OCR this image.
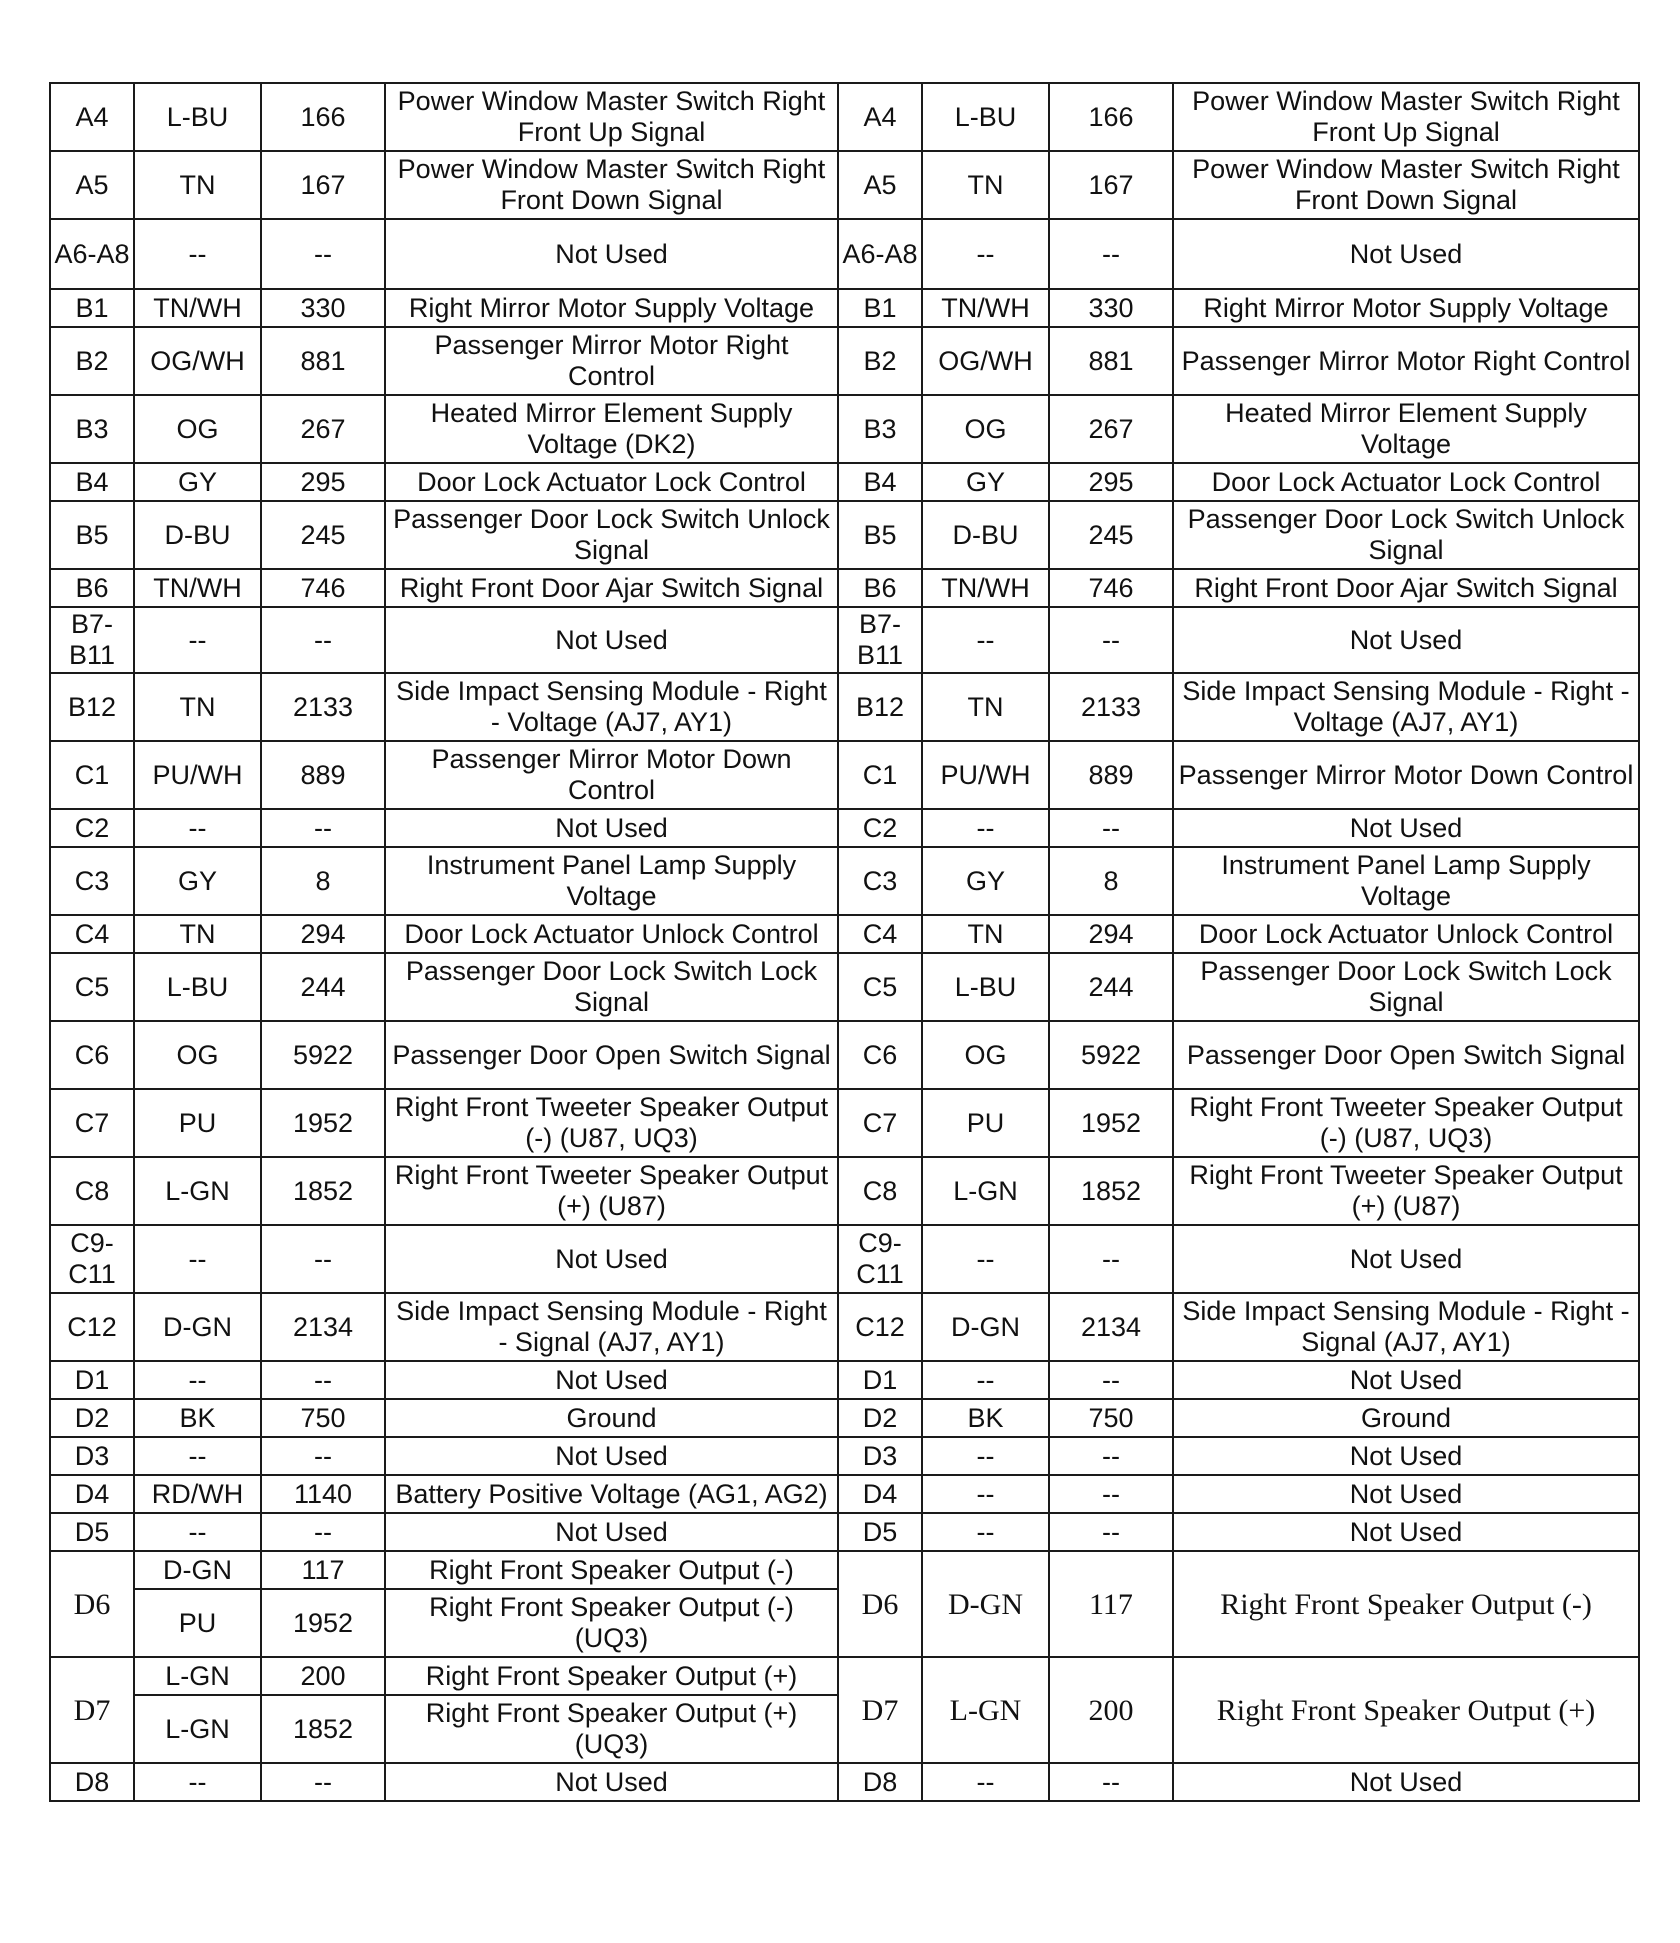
A4	L-BU	166	Power Window Master Switch Right Front Up Signal	A4	L-BU	166	Power Window Master Switch Right Front Up Signal
A5	TN	167	Power Window Master Switch Right Front Down Signal	A5	TN	167	Power Window Master Switch Right Front Down Signal
A6-A8	--	--	Not Used	A6-A8	--	--	Not Used
B1	TN/WH	330	Right Mirror Motor Supply Voltage	B1	TN/WH	330	Right Mirror Motor Supply Voltage
B2	OG/WH	881	Passenger Mirror Motor Right Control	B2	OG/WH	881	Passenger Mirror Motor Right Control
B3	OG	267	Heated Mirror Element Supply Voltage (DK2)	B3	OG	267	Heated Mirror Element Supply Voltage
B4	GY	295	Door Lock Actuator Lock Control	B4	GY	295	Door Lock Actuator Lock Control
B5	D-BU	245	Passenger Door Lock Switch Unlock Signal	B5	D-BU	245	Passenger Door Lock Switch Unlock Signal
B6	TN/WH	746	Right Front Door Ajar Switch Signal	B6	TN/WH	746	Right Front Door Ajar Switch Signal
B7-B11	--	--	Not Used	B7-B11	--	--	Not Used
B12	TN	2133	Side Impact Sensing Module - Right - Voltage (AJ7, AY1)	B12	TN	2133	Side Impact Sensing Module - Right - Voltage (AJ7, AY1)
C1	PU/WH	889	Passenger Mirror Motor Down Control	C1	PU/WH	889	Passenger Mirror Motor Down Control
C2	--	--	Not Used	C2	--	--	Not Used
C3	GY	8	Instrument Panel Lamp Supply Voltage	C3	GY	8	Instrument Panel Lamp Supply Voltage
C4	TN	294	Door Lock Actuator Unlock Control	C4	TN	294	Door Lock Actuator Unlock Control
C5	L-BU	244	Passenger Door Lock Switch Lock Signal	C5	L-BU	244	Passenger Door Lock Switch Lock Signal
C6	OG	5922	Passenger Door Open Switch Signal	C6	OG	5922	Passenger Door Open Switch Signal
C7	PU	1952	Right Front Tweeter Speaker Output (-) (U87, UQ3)	C7	PU	1952	Right Front Tweeter Speaker Output (-) (U87, UQ3)
C8	L-GN	1852	Right Front Tweeter Speaker Output (+) (U87)	C8	L-GN	1852	Right Front Tweeter Speaker Output (+) (U87)
C9-C11	--	--	Not Used	C9-C11	--	--	Not Used
C12	D-GN	2134	Side Impact Sensing Module - Right - Signal (AJ7, AY1)	C12	D-GN	2134	Side Impact Sensing Module - Right - Signal (AJ7, AY1)
D1	--	--	Not Used	D1	--	--	Not Used
D2	BK	750	Ground	D2	BK	750	Ground
D3	--	--	Not Used	D3	--	--	Not Used
D4	RD/WH	1140	Battery Positive Voltage (AG1, AG2)	D4	--	--	Not Used
D5	--	--	Not Used	D5	--	--	Not Used
D6	D-GN	117	Right Front Speaker Output (-)	D6	D-GN	117	Right Front Speaker Output (-)
	PU	1952	Right Front Speaker Output (-) (UQ3)				
D7	L-GN	200	Right Front Speaker Output (+)	D7	L-GN	200	Right Front Speaker Output (+)
	L-GN	1852	Right Front Speaker Output (+) (UQ3)				
D8	--	--	Not Used	D8	--	--	Not Used
